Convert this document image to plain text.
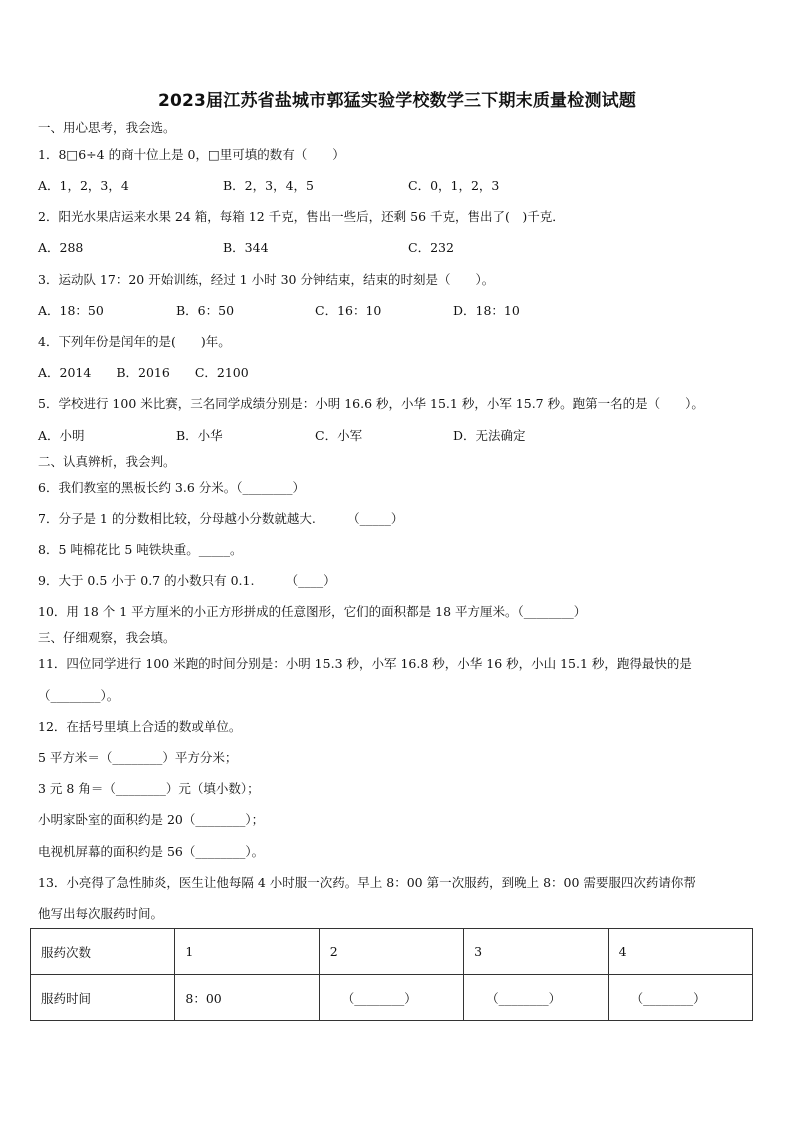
2023届江苏省盐城市郭猛实验学校数学三下期末质量检测试题
一、用心思考，我会选。
1．8□6÷4 的商十位上是 0，□里可填的数有（　　）
A．1，2，3，4	B．2，3，4，5	C．0，1，2，3
2．阳光水果店运来水果 24 箱，每箱 12 千克，售出一些后，还剩 56 千克，售出了(　)千克．
A．288	B．344	C．232
3．运动队 17：20 开始训练，经过 1 小时 30 分钟结束，结束的时刻是（　　）。
A．18：50	B．6：50	C．16：10	D．18：10
4．下列年份是闰年的是(　　)年。
A．2014　　B．2016　　C．2100
5．学校进行 100 米比赛，三名同学成绩分别是：小明 16.6 秒，小华 15.1 秒，小军 15.7 秒。跑第一名的是（　　）。
A．小明	B．小华	C．小军	D．无法确定
二、认真辨析，我会判。
6．我们教室的黑板长约 3.6 分米。（________）
7．分子是 1 的分数相比较，分母越小分数就越大.　　　（_____）
8．5 吨棉花比 5 吨铁块重。_____。
9．大于 0.5 小于 0.7 的小数只有 0.1.　　　（____）
10．用 18 个 1 平方厘米的小正方形拼成的任意图形，它们的面积都是 18 平方厘米。（________）
三、仔细观察，我会填。
11．四位同学进行 100 米跑的时间分别是：小明 15.3 秒，小军 16.8 秒，小华 16 秒，小山 15.1 秒，跑得最快的是
（________）。
12．在括号里填上合适的数或单位。
5 平方米＝（________）平方分米；
3 元 8 角＝（________）元（填小数）；
小明家卧室的面积约是 20（________）；
电视机屏幕的面积约是 56（________）。
13．小亮得了急性肺炎，医生让他每隔 4 小时服一次药。早上 8：00 第一次服药，到晚上 8：00 需要服四次药请你帮
他写出每次服药时间。
服药次数	1	2	3	4
服药时间	8：00	（________）	（________）	（________）
